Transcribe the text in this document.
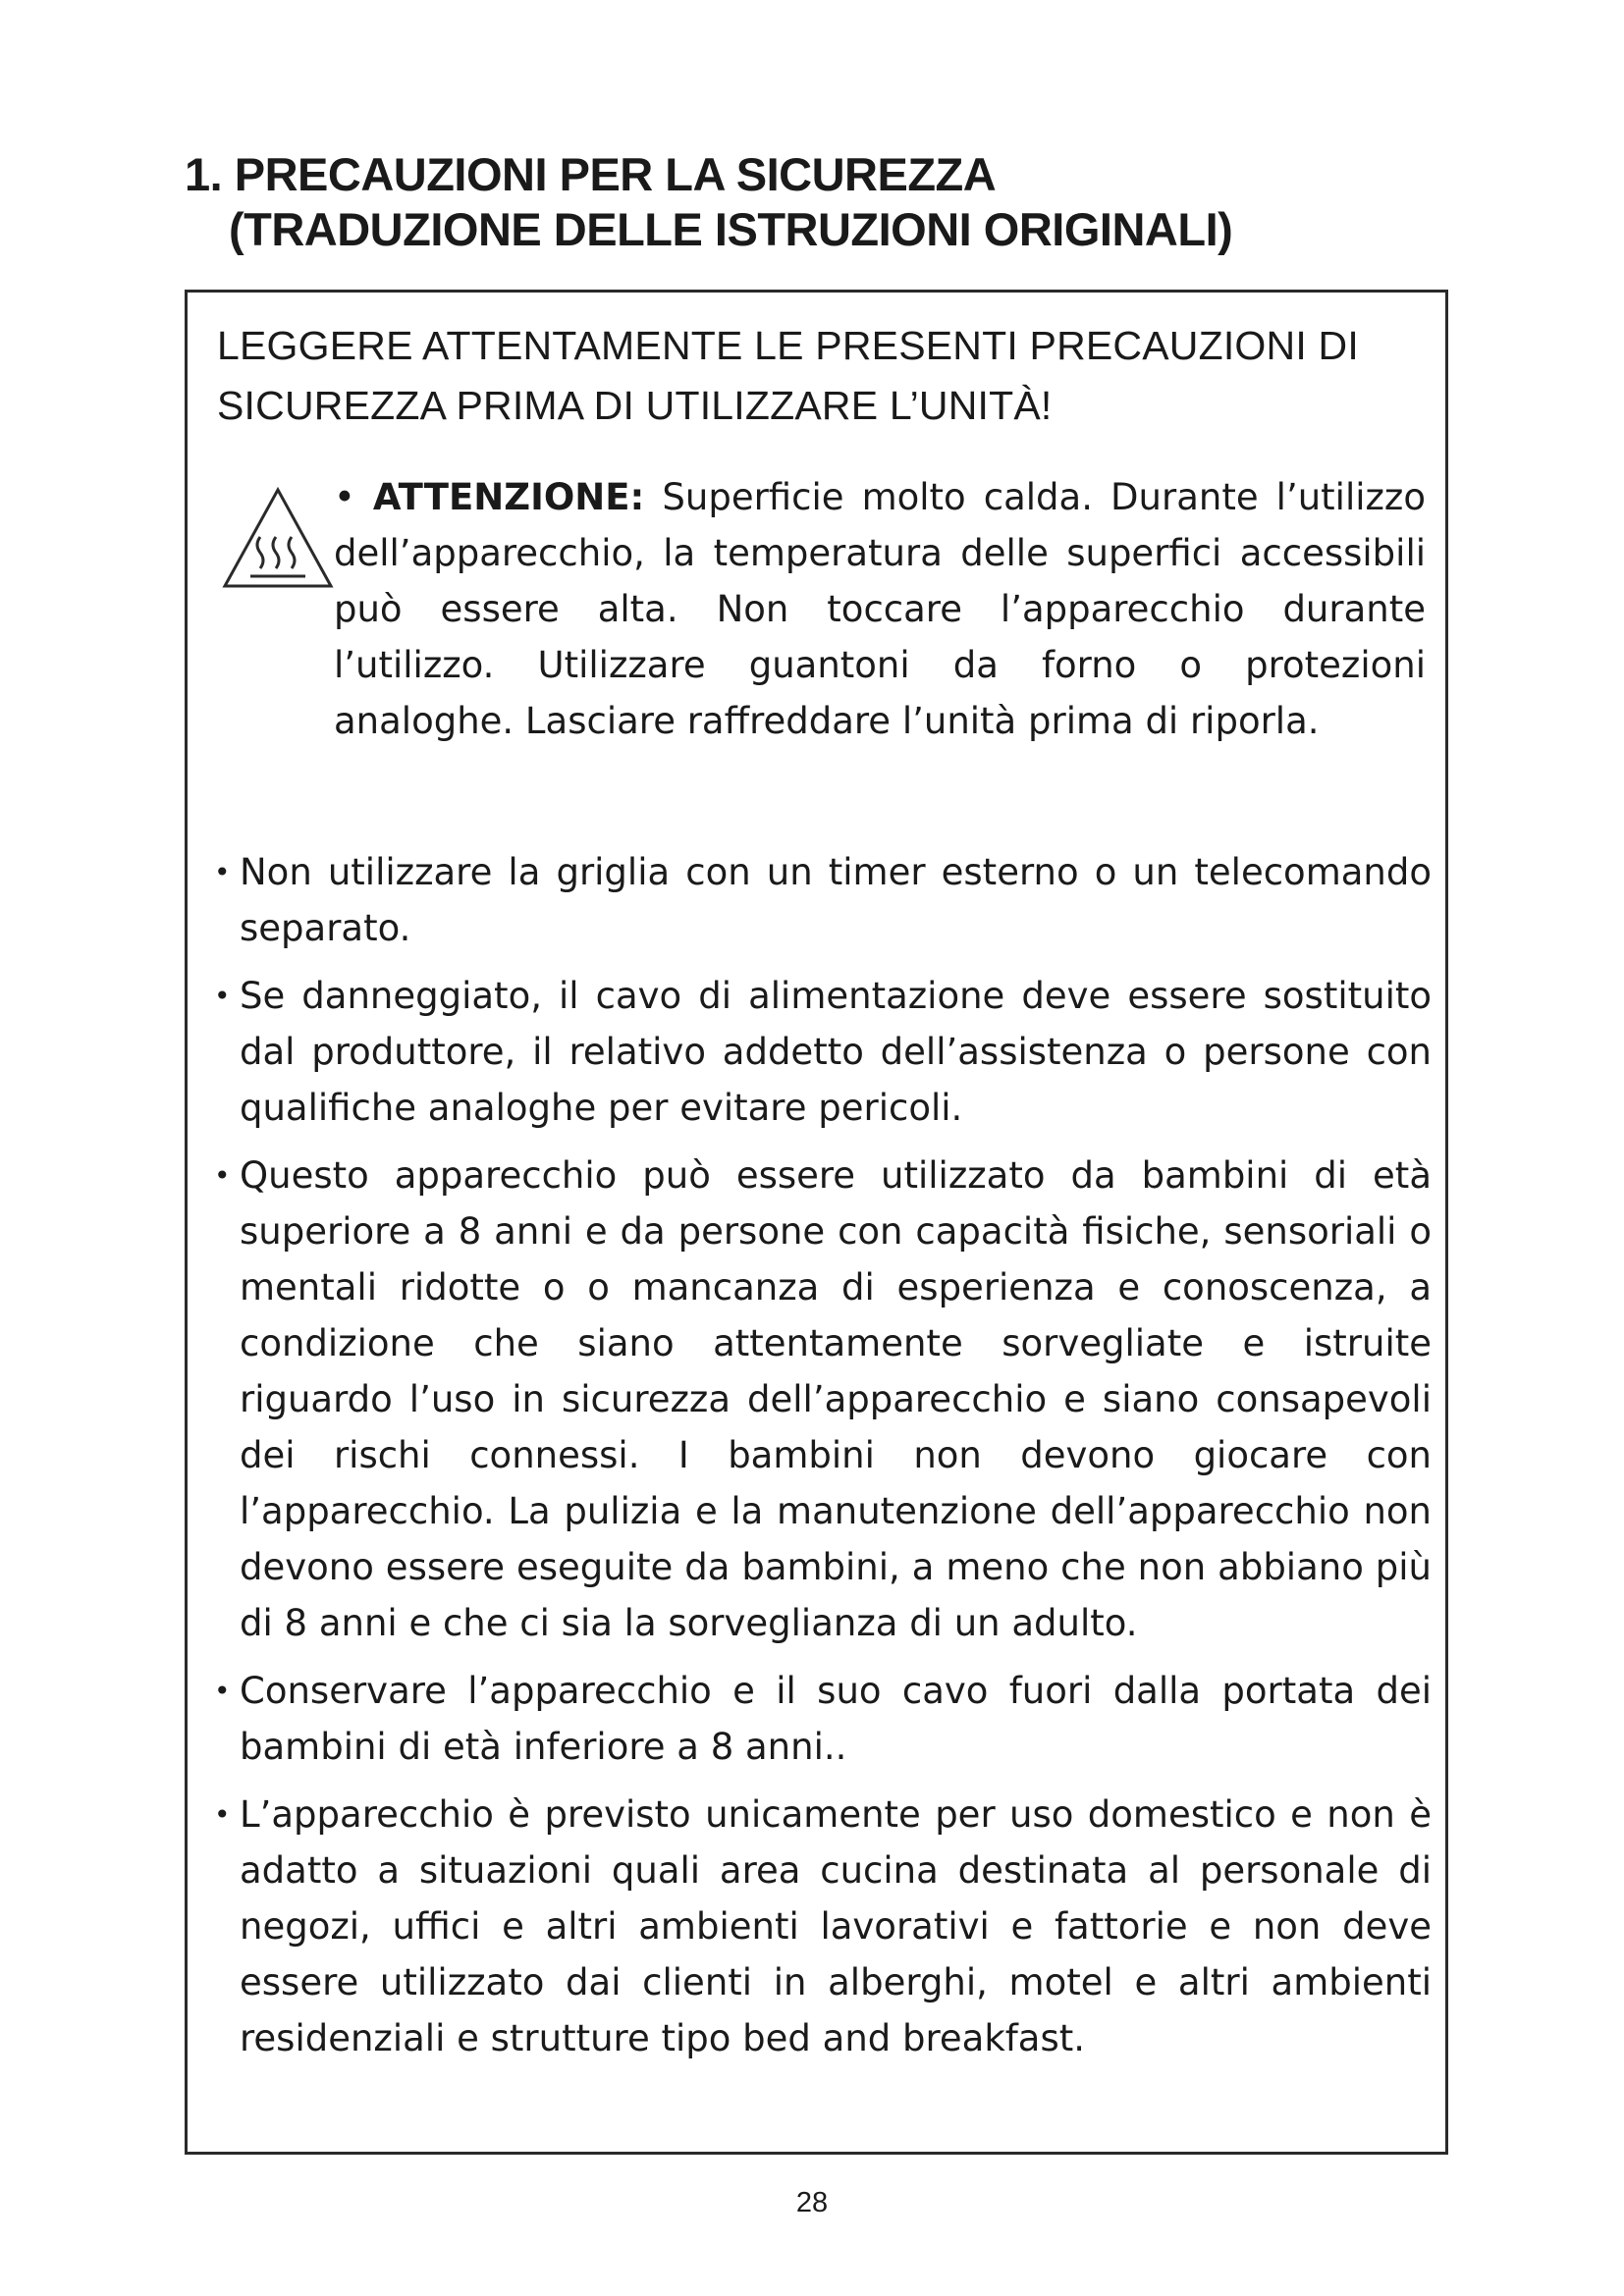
1. PRECAUZIONI PER LA SICUREZZA
(TRADUZIONE DELLE ISTRUZIONI ORIGINALI)
LEGGERE ATTENTAMENTE LE PRESENTI PRECAUZIONI DI SICUREZZA PRIMA DI UTILIZZARE L’UNITÀ!
• ATTENZIONE: Superficie molto calda. Durante l’utilizzo dell’apparecchio, la temperatura delle superfici accessibili può essere alta. Non toccare l’apparecchio durante l’utilizzo. Utilizzare guantoni da forno o protezioni analoghe. Lasciare raffreddare l’unità prima di riporla.
• Non utilizzare la griglia con un timer esterno o un telecomando separato.
• Se danneggiato, il cavo di alimentazione deve essere sostituito dal produttore, il relativo addetto dell’assistenza o persone con qualifiche analoghe per evitare pericoli.
• Questo apparecchio può essere utilizzato da bambini di età superiore a 8 anni e da persone con capacità fisiche, sensoriali o mentali ridotte o o mancanza di esperienza e conoscenza, a condizione che siano attentamente sorvegliate e istruite riguardo l’uso in sicurezza dell’apparecchio e siano consapevoli dei rischi connessi. I bambini non devono giocare con l’apparecchio. La pulizia e la manutenzione dell’apparecchio non devono essere eseguite da bambini, a meno che non abbiano più di 8 anni e che ci sia la sorveglianza di un adulto.
• Conservare l’apparecchio e il suo cavo fuori dalla portata dei bambini di età inferiore a 8 anni..
• L’apparecchio è previsto unicamente per uso domestico e non è adatto a situazioni quali area cucina destinata al personale di negozi, uffici e altri ambienti lavorativi e fattorie e non deve essere utilizzato dai clienti in alberghi, motel e altri ambienti residenziali e strutture tipo bed and breakfast.
28
